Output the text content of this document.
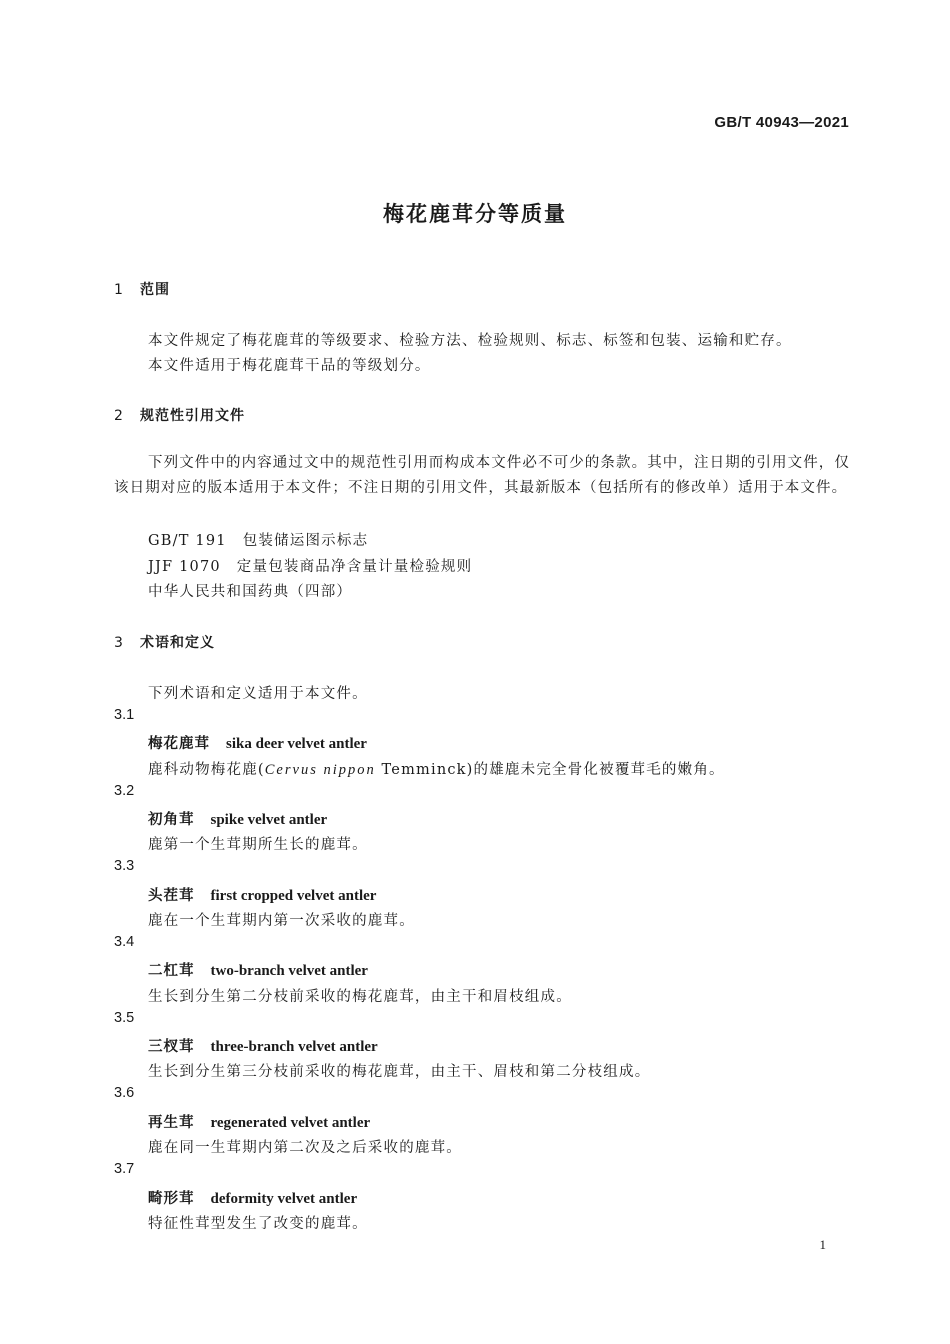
GB/T 40943—2021
梅花鹿茸分等质量
1 范围
本文件规定了梅花鹿茸的等级要求、检验方法、检验规则、标志、标签和包装、运输和贮存。
本文件适用于梅花鹿茸干品的等级划分。
2 规范性引用文件
下列文件中的内容通过文中的规范性引用而构成本文件必不可少的条款。其中，注日期的引用文件，仅该日期对应的版本适用于本文件；不注日期的引用文件，其最新版本（包括所有的修改单）适用于本文件。
GB/T 191 包装储运图示标志
JJF 1070 定量包装商品净含量计量检验规则
中华人民共和国药典（四部）
3 术语和定义
下列术语和定义适用于本文件。
3.1
梅花鹿茸 sika deer velvet antler
鹿科动物梅花鹿(Cervus nippon Temminck)的雄鹿未完全骨化被覆茸毛的嫩角。
3.2
初角茸 spike velvet antler
鹿第一个生茸期所生长的鹿茸。
3.3
头茬茸 first cropped velvet antler
鹿在一个生茸期内第一次采收的鹿茸。
3.4
二杠茸 two-branch velvet antler
生长到分生第二分枝前采收的梅花鹿茸，由主干和眉枝组成。
3.5
三杈茸 three-branch velvet antler
生长到分生第三分枝前采收的梅花鹿茸，由主干、眉枝和第二分枝组成。
3.6
再生茸 regenerated velvet antler
鹿在同一生茸期内第二次及之后采收的鹿茸。
3.7
畸形茸 deformity velvet antler
特征性茸型发生了改变的鹿茸。
1
